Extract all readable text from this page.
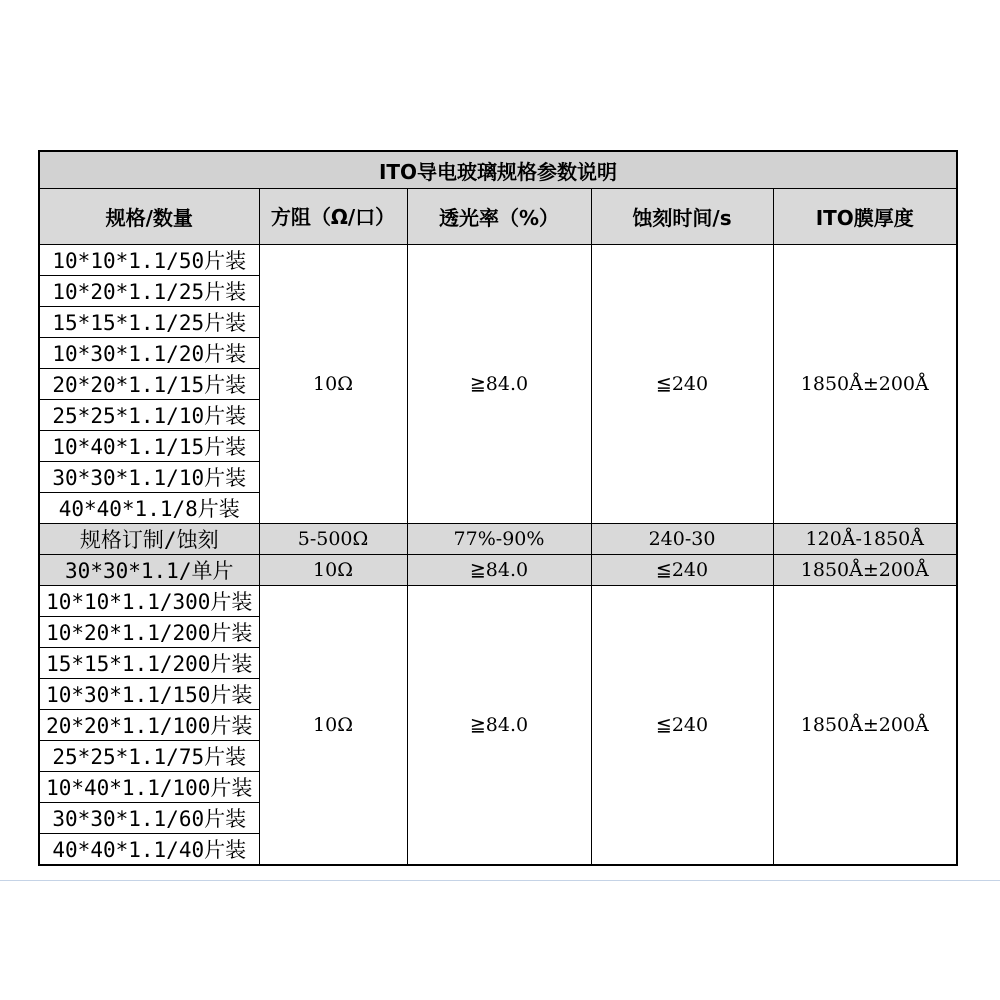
ITO导电玻璃规格参数说明				
规格/数量	方阻（Ω/口）	透光率（%）	蚀刻时间/s	ITO膜厚度
10*10*1.1/50片装	10Ω	≧84.0	≦240	1850Å±200Å
10*20*1.1/25片装				
15*15*1.1/25片装				
10*30*1.1/20片装				
20*20*1.1/15片装				
25*25*1.1/10片装				
10*40*1.1/15片装				
30*30*1.1/10片装				
40*40*1.1/8片装				
规格订制/蚀刻	5-500Ω	77%-90%	240-30	120Å-1850Å
30*30*1.1/单片	10Ω	≧84.0	≦240	1850Å±200Å
10*10*1.1/300片装	10Ω	≧84.0	≦240	1850Å±200Å
10*20*1.1/200片装				
15*15*1.1/200片装				
10*30*1.1/150片装				
20*20*1.1/100片装				
25*25*1.1/75片装				
10*40*1.1/100片装				
30*30*1.1/60片装				
40*40*1.1/40片装				
